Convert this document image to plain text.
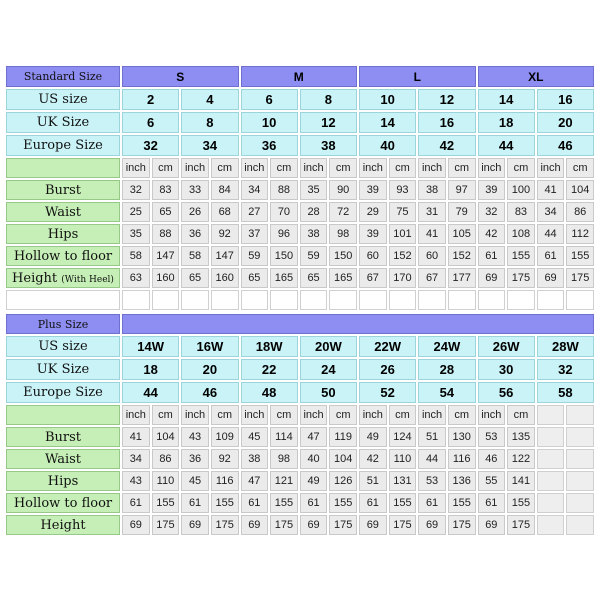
Standard Size	S				M				L				XL			
US size	2		4		6		8		10		12		14		16	
UK Size	6		8		10		12		14		16		18		20	
Europe Size	32		34		36		38		40		42		44		46	
	inch	cm	inch	cm	inch	cm	inch	cm	inch	cm	inch	cm	inch	cm	inch	cm
Burst	32	83	33	84	34	88	35	90	39	93	38	97	39	100	41	104
Waist	25	65	26	68	27	70	28	72	29	75	31	79	32	83	34	86
Hips	35	88	36	92	37	96	38	98	39	101	41	105	42	108	44	112
Hollow to floor	58	147	58	147	59	150	59	150	60	152	60	152	61	155	61	155
Height (With Heel)	63	160	65	160	65	165	65	165	67	170	67	177	69	175	69	175

Plus Size																
US size	14W		16W		18W		20W		22W		24W		26W		28W	
UK Size	18		20		22		24		26		28		30		32	
Europe Size	44		46		48		50		52		54		56		58	
	inch	cm	inch	cm	inch	cm	inch	cm	inch	cm	inch	cm	inch	cm		
Burst	41	104	43	109	45	114	47	119	49	124	51	130	53	135		
Waist	34	86	36	92	38	98	40	104	42	110	44	116	46	122		
Hips	43	110	45	116	47	121	49	126	51	131	53	136	55	141		
Hollow to floor	61	155	61	155	61	155	61	155	61	155	61	155	61	155		
Height	69	175	69	175	69	175	69	175	69	175	69	175	69	175		
